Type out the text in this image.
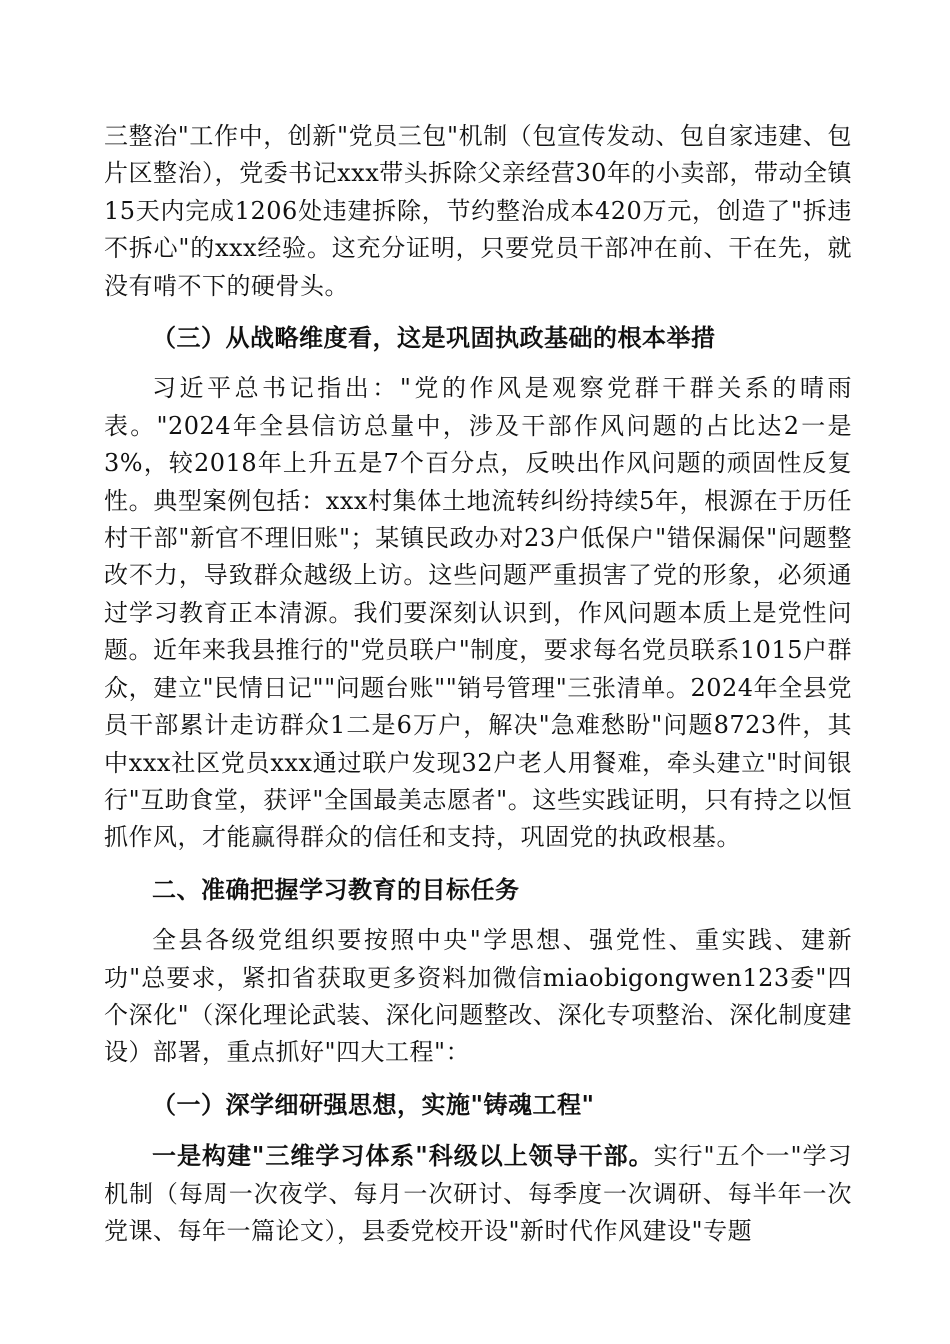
三整治"工作中，创新"党员三包"机制（包宣传发动、包自家违建、包片区整治），党委书记xxx带头拆除父亲经营30年的小卖部，带动全镇15天内完成1206处违建拆除，节约整治成本420万元，创造了"拆违不拆心"的xxx经验。这充分证明，只要党员干部冲在前、干在先，就没有啃不下的硬骨头。

（三）从战略维度看，这是巩固执政基础的根本举措

习近平总书记指出："党的作风是观察党群干群关系的晴雨表。"2024年全县信访总量中，涉及干部作风问题的占比达2一是3%，较2018年上升五是7个百分点，反映出作风问题的顽固性反复性。典型案例包括：xxx村集体土地流转纠纷持续5年，根源在于历任村干部"新官不理旧账"；某镇民政办对23户低保户"错保漏保"问题整改不力，导致群众越级上访。这些问题严重损害了党的形象，必须通过学习教育正本清源。我们要深刻认识到，作风问题本质上是党性问题。近年来我县推行的"党员联户"制度，要求每名党员联系1015户群众，建立"民情日记""问题台账""销号管理"三张清单。2024年全县党员干部累计走访群众1二是6万户，解决"急难愁盼"问题8723件，其中xxx社区党员xxx通过联户发现32户老人用餐难，牵头建立"时间银行"互助食堂，获评"全国最美志愿者"。这些实践证明，只有持之以恒抓作风，才能赢得群众的信任和支持，巩固党的执政根基。

二、准确把握学习教育的目标任务

全县各级党组织要按照中央"学思想、强党性、重实践、建新功"总要求，紧扣省获取更多资料加微信miaobigongwen123委"四个深化"（深化理论武装、深化问题整改、深化专项整治、深化制度建设）部署，重点抓好"四大工程"：

（一）深学细研强思想，实施"铸魂工程"

一是构建"三维学习体系"科级以上领导干部。实行"五个一"学习机制（每周一次夜学、每月一次研讨、每季度一次调研、每半年一次党课、每年一篇论文），县委党校开设"新时代作风建设"专题
